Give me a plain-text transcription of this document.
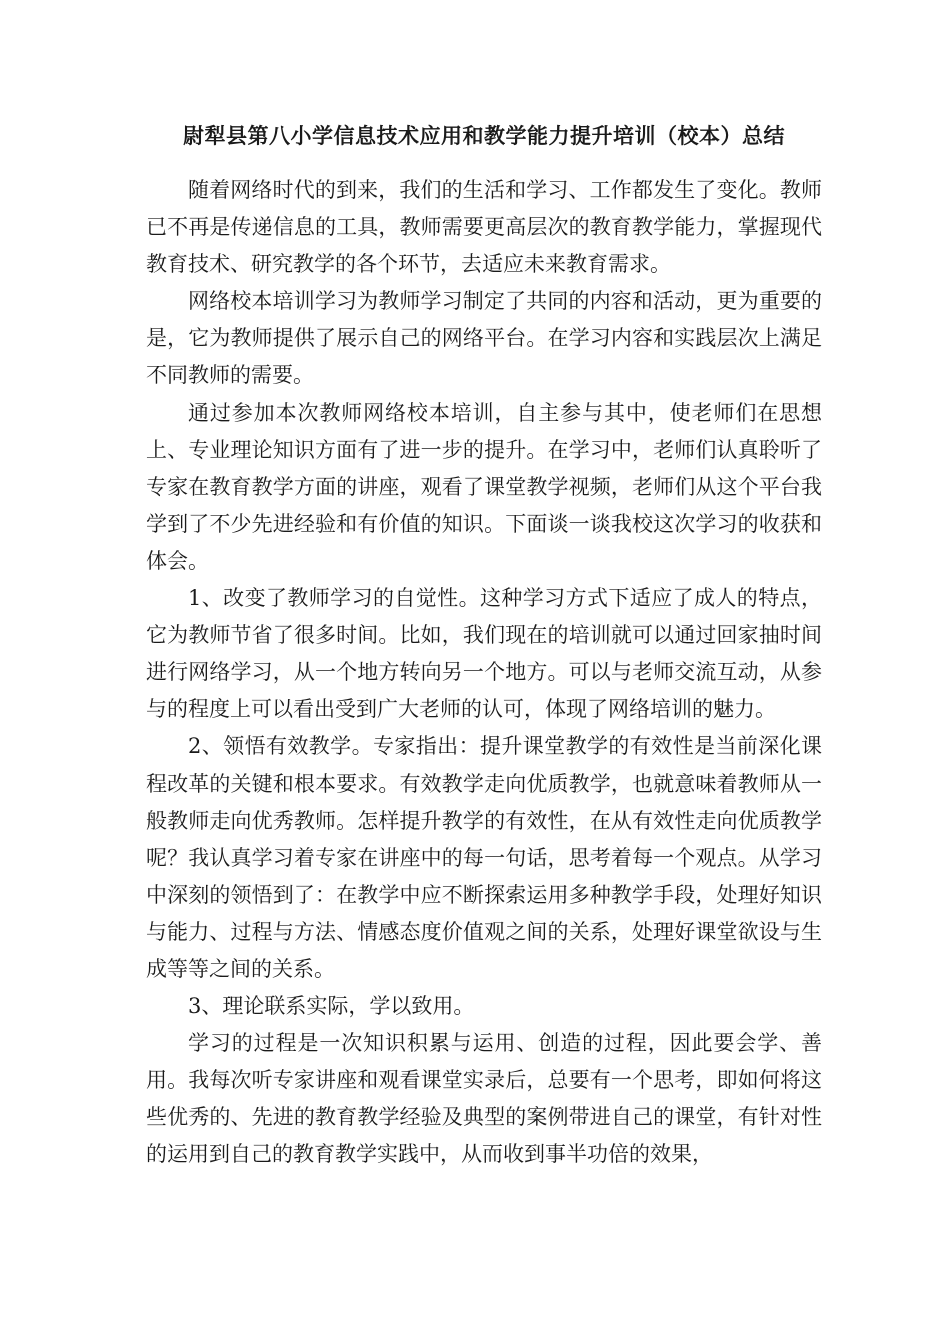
尉犁县第八小学信息技术应用和教学能力提升培训（校本）总结

随着网络时代的到来，我们的生活和学习、工作都发生了变化。教师已不再是传递信息的工具，教师需要更高层次的教育教学能力，掌握现代教育技术、研究教学的各个环节，去适应未来教育需求。

网络校本培训学习为教师学习制定了共同的内容和活动，更为重要的是，它为教师提供了展示自己的网络平台。在学习内容和实践层次上满足不同教师的需要。

通过参加本次教师网络校本培训，自主参与其中，使老师们在思想上、专业理论知识方面有了进一步的提升。在学习中，老师们认真聆听了专家在教育教学方面的讲座，观看了课堂教学视频，老师们从这个平台我学到了不少先进经验和有价值的知识。下面谈一谈我校这次学习的收获和体会。

1、改变了教师学习的自觉性。这种学习方式下适应了成人的特点，它为教师节省了很多时间。比如，我们现在的培训就可以通过回家抽时间进行网络学习，从一个地方转向另一个地方。可以与老师交流互动，从参与的程度上可以看出受到广大老师的认可，体现了网络培训的魅力。

2、领悟有效教学。专家指出：提升课堂教学的有效性是当前深化课程改革的关键和根本要求。有效教学走向优质教学，也就意味着教师从一般教师走向优秀教师。怎样提升教学的有效性，在从有效性走向优质教学呢？我认真学习着专家在讲座中的每一句话，思考着每一个观点。从学习中深刻的领悟到了：在教学中应不断探索运用多种教学手段，处理好知识与能力、过程与方法、情感态度价值观之间的关系，处理好课堂欲设与生成等等之间的关系。

3、理论联系实际，学以致用。

学习的过程是一次知识积累与运用、创造的过程，因此要会学、善用。我每次听专家讲座和观看课堂实录后，总要有一个思考，即如何将这些优秀的、先进的教育教学经验及典型的案例带进自己的课堂，有针对性的运用到自己的教育教学实践中，从而收到事半功倍的效果，
